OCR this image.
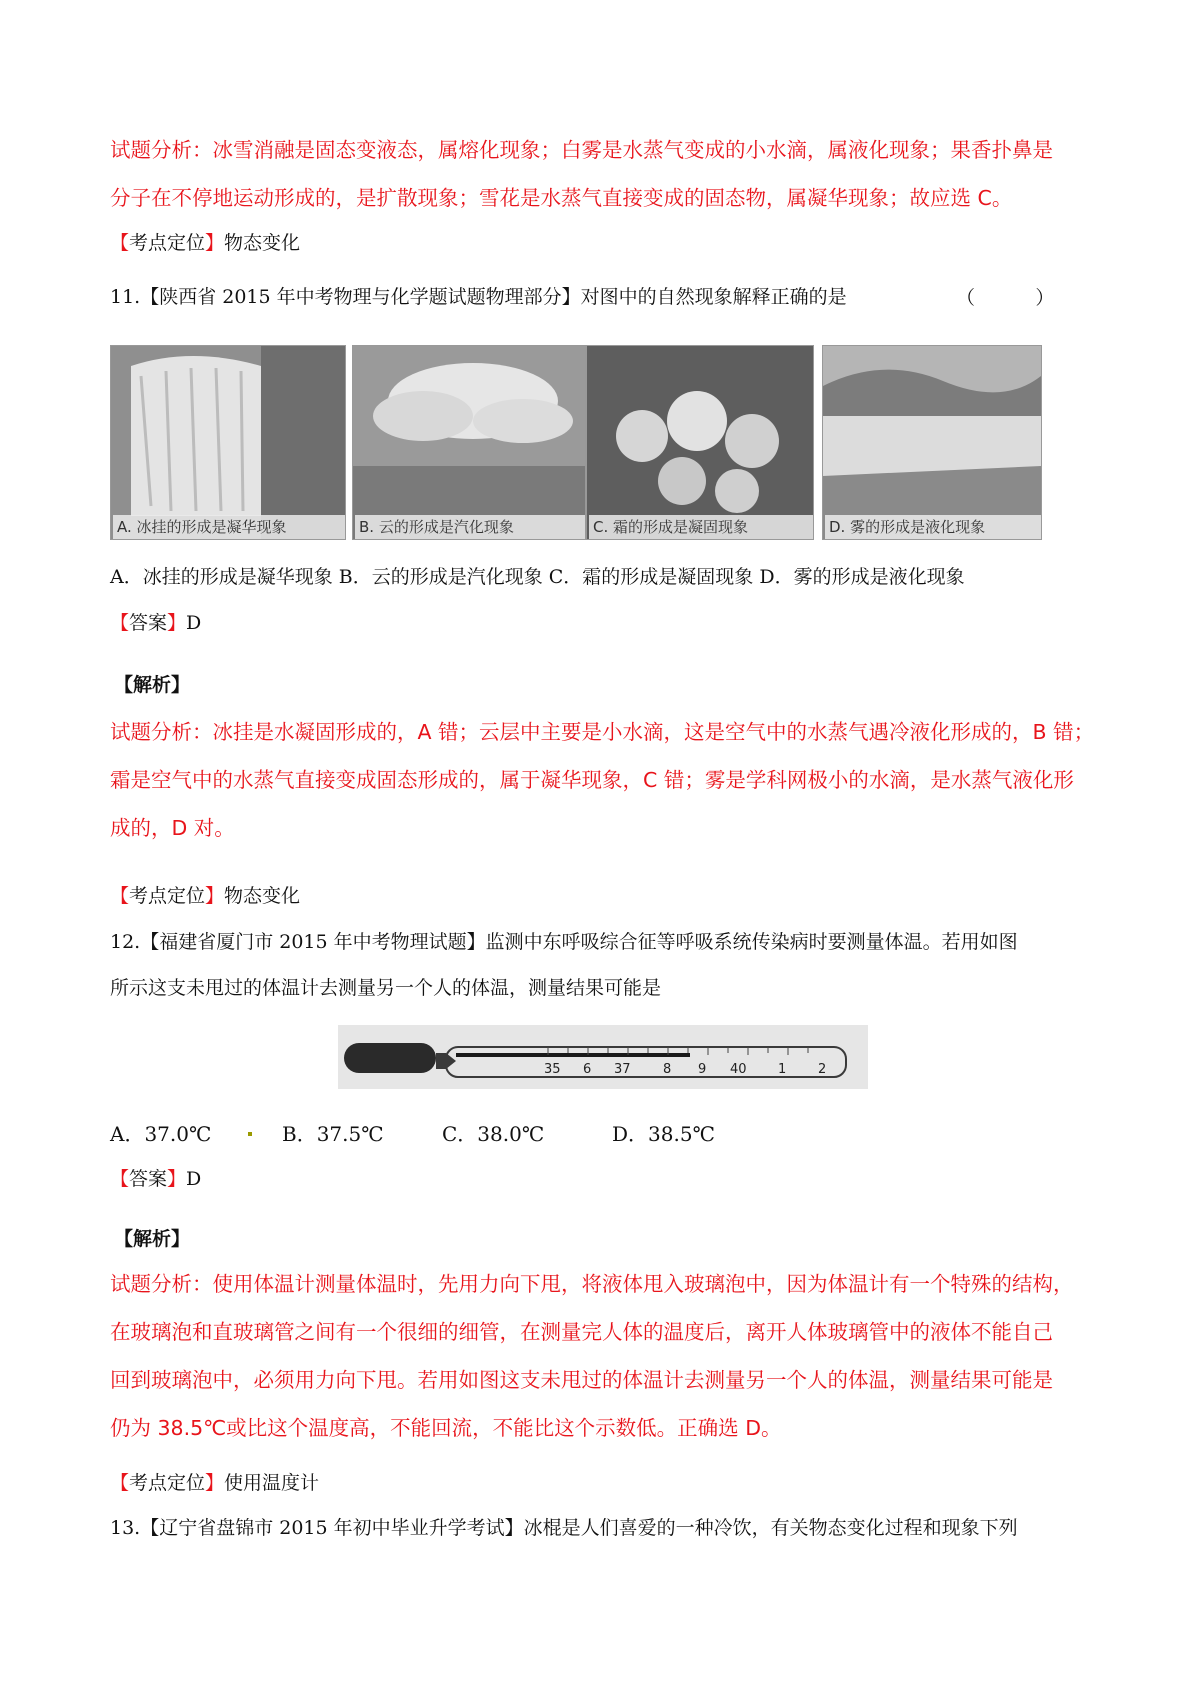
试题分析：冰雪消融是固态变液态，属熔化现象；白雾是水蒸气变成的小水滴，属液化现象；果香扑鼻是
分子在不停地运动形成的，是扩散现象；雪花是水蒸气直接变成的固态物，属凝华现象；故应选 C。
【考点定位】物态变化
11.【陕西省 2015 年中考物理与化学题试题物理部分】对图中的自然现象解释正确的是	（          ）
A. 冰挂的形成是凝华现象	B. 云的形成是汽化现象	C. 霜的形成是凝固现象	D. 雾的形成是液化现象
A．冰挂的形成是凝华现象 B．云的形成是汽化现象 C．霜的形成是凝固现象 D．雾的形成是液化现象
【答案】D
【解析】
试题分析：冰挂是水凝固形成的，A 错；云层中主要是小水滴，这是空气中的水蒸气遇冷液化形成的，B 错；
霜是空气中的水蒸气直接变成固态形成的，属于凝华现象，C 错；雾是学科网极小的水滴，是水蒸气液化形
成的，D 对。
【考点定位】物态变化
12.【福建省厦门市 2015 年中考物理试题】监测中东呼吸综合征等呼吸系统传染病时要测量体温。若用如图
所示这支未甩过的体温计去测量另一个人的体温，测量结果可能是
35 6 37 8 9 40 1 2
A．37.0℃	B．37.5℃	C．38.0℃	D．38.5℃
【答案】D
【解析】
试题分析：使用体温计测量体温时，先用力向下甩，将液体甩入玻璃泡中，因为体温计有一个特殊的结构，
在玻璃泡和直玻璃管之间有一个很细的细管，在测量完人体的温度后，离开人体玻璃管中的液体不能自己
回到玻璃泡中，必须用力向下甩。若用如图这支未甩过的体温计去测量另一个人的体温，测量结果可能是
仍为 38.5℃或比这个温度高，不能回流，不能比这个示数低。正确选 D。
【考点定位】使用温度计
13.【辽宁省盘锦市 2015 年初中毕业升学考试】冰棍是人们喜爱的一种冷饮，有关物态变化过程和现象下列
